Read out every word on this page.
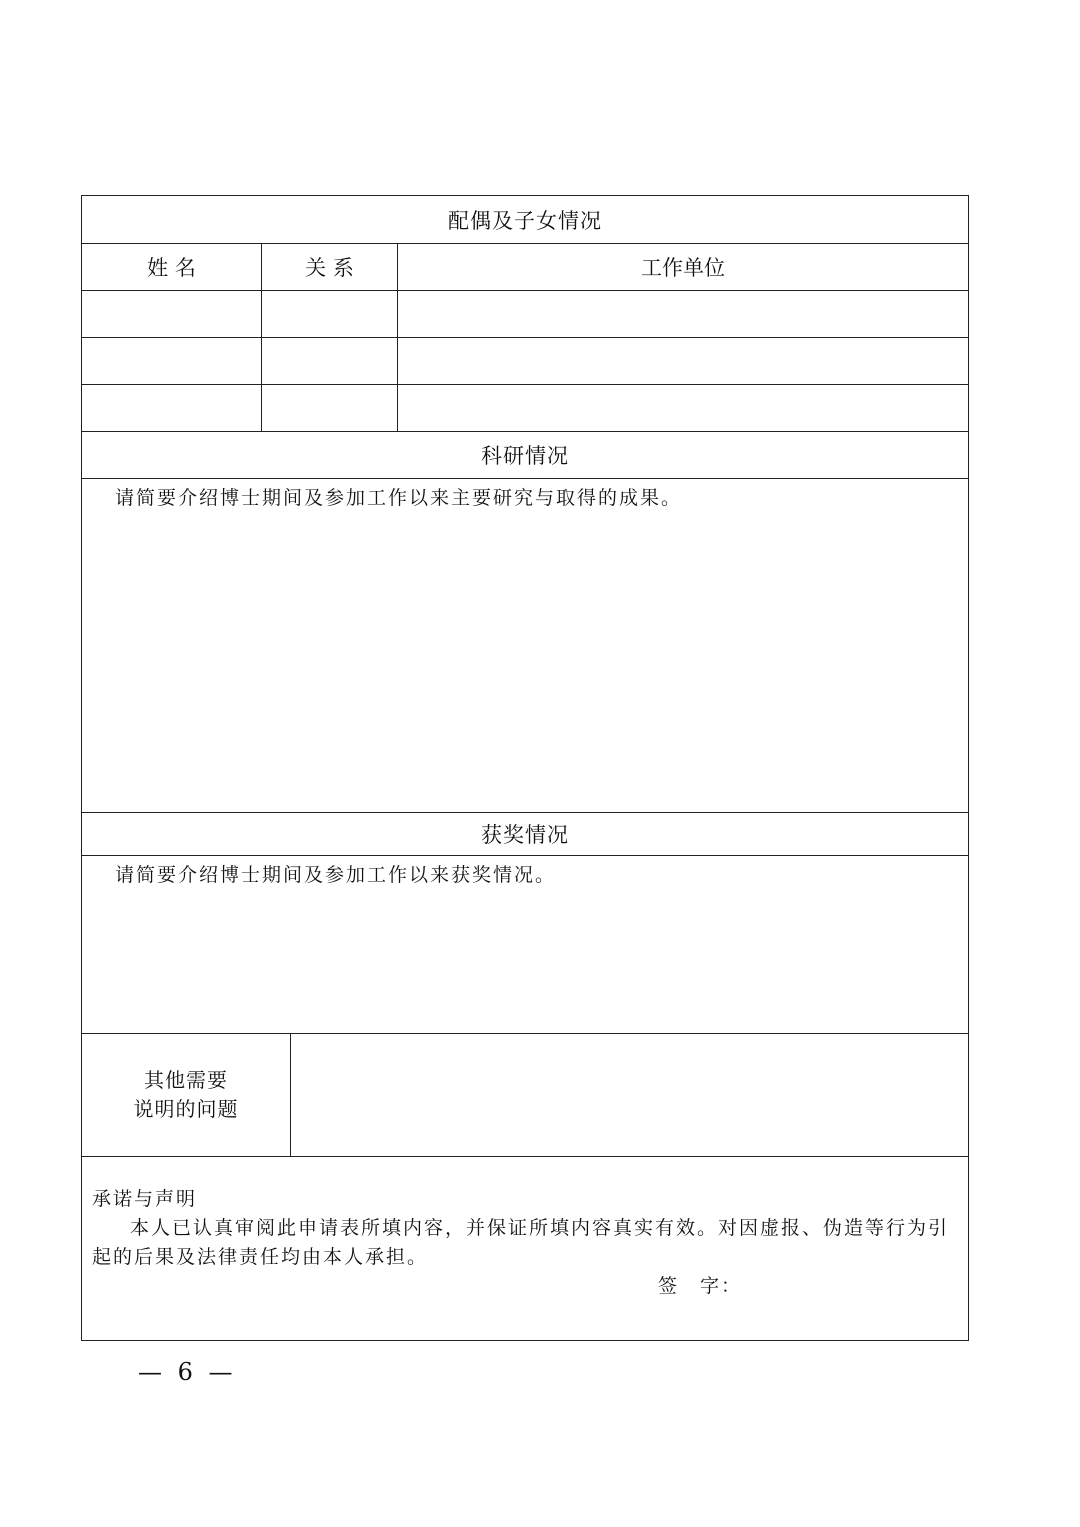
配偶及子女情况
姓 名	关 系	工作单位
科研情况
请简要介绍博士期间及参加工作以来主要研究与取得的成果。
获奖情况
请简要介绍博士期间及参加工作以来获奖情况。
其他需要
说明的问题
承诺与声明
本人已认真审阅此申请表所填内容，并保证所填内容真实有效。对因虚报、伪造等行为引起的后果及法律责任均由本人承担。
签　字：
— 6 —
